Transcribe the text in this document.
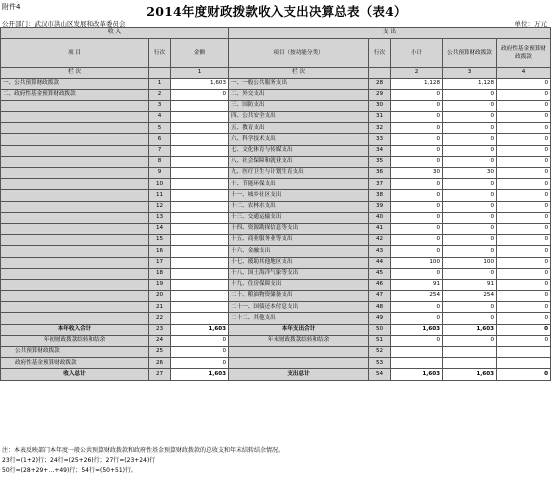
附件4	2014年度财政拨款收入支出决算总表（表4）
公开部门：武汉市洪山区发展和改革委员会	单位：万元
收 入			支 出				
项 目	行次	金额	项目（按功能分类）	行次	小计	公共预算财政拨款	政府性基金预算财政拨款
栏 次		1	栏 次		2	3	4
一、公共预算财政拨款	1	1,603	一、一般公共服务支出	28	1,128	1,128	0
二、政府性基金预算财政拨款	2	0	二、外交支出	29	0	0	0
	3		三、国防支出	30	0	0	0
	4		四、公共安全支出	31	0	0	0
	5		五、教育支出	32	0	0	0
	6		六、科学技术支出	33	0	0	0
	7		七、文化体育与传媒支出	34	0	0	0
	8		八、社会保障和就业支出	35	0	0	0
	9		九、医疗卫生与计划生育支出	36	30	30	0
	10		十、节能环保支出	37	0	0	0
	11		十一、城乡社区支出	38	0	0	0
	12		十二、农林水支出	39	0	0	0
	13		十三、交通运输支出	40	0	0	0
	14		十四、资源勘探信息等支出	41	0	0	0
	15		十五、商业服务业等支出	42	0	0	0
	16		十六、金融支出	43	0	0	0
	17		十七、援助其他地区支出	44	100	100	0
	18		十八、国土海洋气象等支出	45	0	0	0
	19		十九、住房保障支出	46	91	91	0
	20		二十、粮油物资储备支出	47	254	254	0
	21		二十一、国债还本付息支出	48	0	0	0
	22		二十二、其他支出	49	0	0	0
本年收入合计	23	1,603	本年支出合计	50	1,603	1,603	0
年初财政拨款结转和结余	24	0	年末财政拨款结转和结余	51	0	0	0
公共预算财政拨款	25	0		52			
政府性基金预算财政拨款	26	0		53			
收入总计	27	1,603	支出总计	54	1,603	1,603	0
注：本表反映部门本年度一般公共预算财政拨款和政府性基金预算财政拨款的总收支和年末结转结余情况。
23行=(1+2)行；24行=(25+26)行；27行=(23+24)行
50行=(28+29+…+49)行；54行=(50+51)行。
